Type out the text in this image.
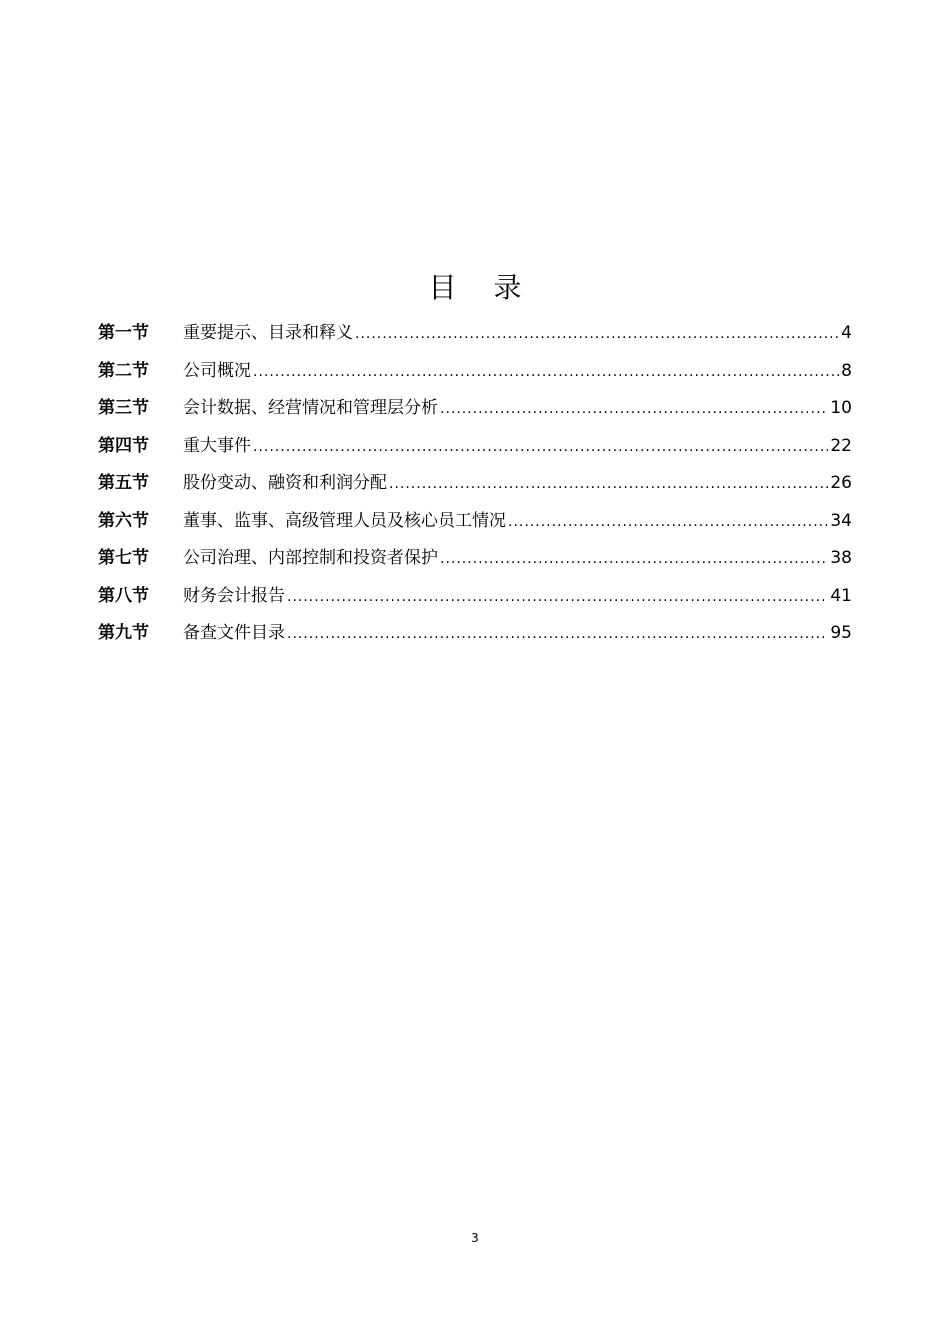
目 录
第一节	重要提示、目录和释义 .....	4
第二节	公司概况 .....	8
第三节	会计数据、经营情况和管理层分析 .....	10
第四节	重大事件 .....	22
第五节	股份变动、融资和利润分配 .....	26
第六节	董事、监事、高级管理人员及核心员工情况 .....	34
第七节	公司治理、内部控制和投资者保护 .....	38
第八节	财务会计报告 .....	41
第九节	备查文件目录 .....	95
3
